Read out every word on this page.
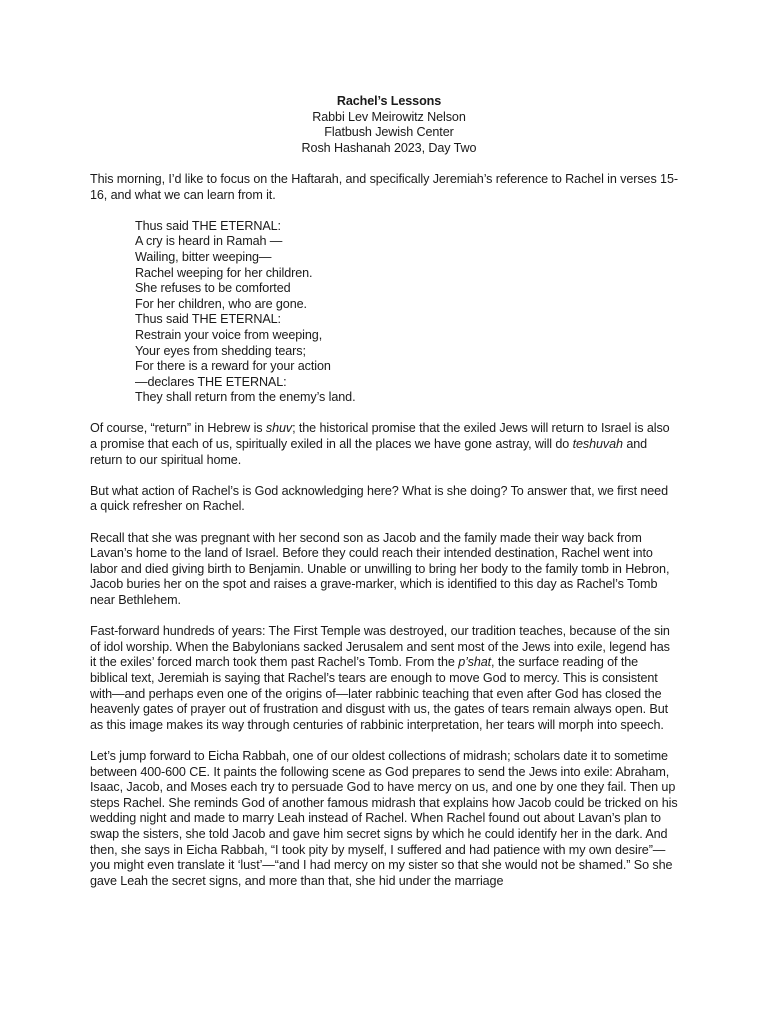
Rachel’s Lessons
Rabbi Lev Meirowitz Nelson
Flatbush Jewish Center
Rosh Hashanah 2023, Day Two

This morning, I’d like to focus on the Haftarah, and specifically Jeremiah’s reference to Rachel in verses 15-16, and what we can learn from it.

Thus said THE ETERNAL:
A cry is heard in Ramah —
Wailing, bitter weeping—
Rachel weeping for her children.
She refuses to be comforted
For her children, who are gone.
Thus said THE ETERNAL:
Restrain your voice from weeping,
Your eyes from shedding tears;
For there is a reward for your action
—declares THE ETERNAL:
They shall return from the enemy’s land.

Of course, “return” in Hebrew is shuv; the historical promise that the exiled Jews will return to Israel is also a promise that each of us, spiritually exiled in all the places we have gone astray, will do teshuvah and return to our spiritual home.

But what action of Rachel’s is God acknowledging here? What is she doing? To answer that, we first need a quick refresher on Rachel.

Recall that she was pregnant with her second son as Jacob and the family made their way back from Lavan’s home to the land of Israel. Before they could reach their intended destination, Rachel went into labor and died giving birth to Benjamin. Unable or unwilling to bring her body to the family tomb in Hebron, Jacob buries her on the spot and raises a grave-marker, which is identified to this day as Rachel’s Tomb near Bethlehem.

Fast-forward hundreds of years: The First Temple was destroyed, our tradition teaches, because of the sin of idol worship. When the Babylonians sacked Jerusalem and sent most of the Jews into exile, legend has it the exiles’ forced march took them past Rachel’s Tomb. From the p’shat, the surface reading of the biblical text, Jeremiah is saying that Rachel’s tears are enough to move God to mercy. This is consistent with—and perhaps even one of the origins of—later rabbinic teaching that even after God has closed the heavenly gates of prayer out of frustration and disgust with us, the gates of tears remain always open. But as this image makes its way through centuries of rabbinic interpretation, her tears will morph into speech.

Let’s jump forward to Eicha Rabbah, one of our oldest collections of midrash; scholars date it to sometime between 400-600 CE. It paints the following scene as God prepares to send the Jews into exile: Abraham, Isaac, Jacob, and Moses each try to persuade God to have mercy on us, and one by one they fail. Then up steps Rachel. She reminds God of another famous midrash that explains how Jacob could be tricked on his wedding night and made to marry Leah instead of Rachel. When Rachel found out about Lavan’s plan to swap the sisters, she told Jacob and gave him secret signs by which he could identify her in the dark. And then, she says in Eicha Rabbah, “I took pity by myself, I suffered and had patience with my own desire”—you might even translate it ‘lust’—“and I had mercy on my sister so that she would not be shamed.” So she gave Leah the secret signs, and more than that, she hid under the marriage
